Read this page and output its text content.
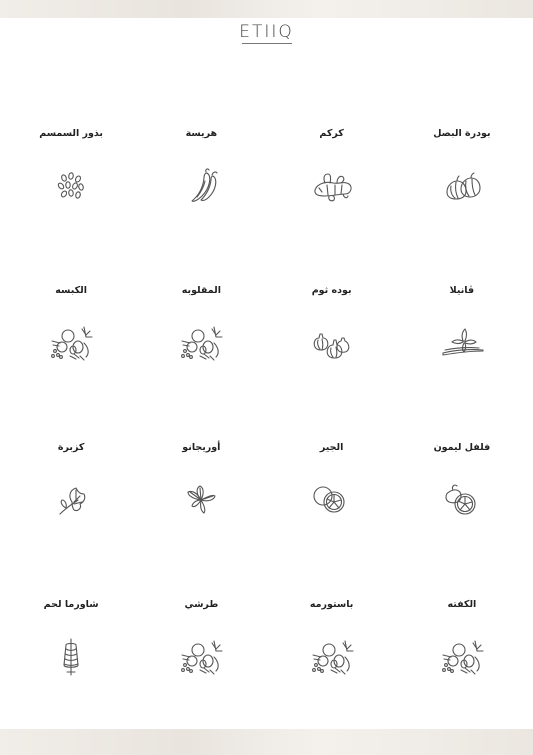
ETIIQ
بذور السمسم	هريسة	كركم	بودرة البصل
الكبسه	المقلوبه	بوده ثوم	ڤانيلا
كزبرة	أوريجانو	الجير	فلفل ليمون
شاورما لحم	طرشي	باستورمه	الكفته
